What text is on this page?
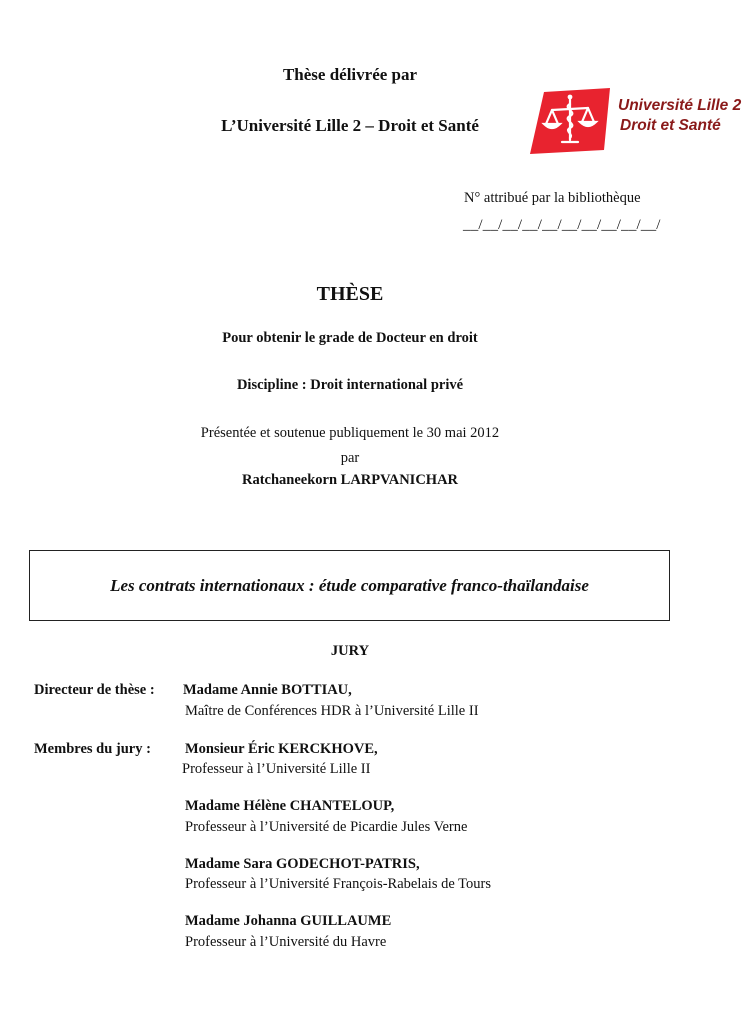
Thèse délivrée par
L’Université Lille 2 – Droit et Santé
Université Lille 2
Droit et Santé
N° attribué par la bibliothèque
__/__/__/__/__/__/__/__/__/__/
THÈSE
Pour obtenir le grade de Docteur en droit
Discipline : Droit international privé
Présentée et soutenue publiquement le 30 mai 2012
par
Ratchaneekorn LARPVANICHAR
Les contrats internationaux : étude comparative franco-thaïlandaise
JURY
Directeur de thèse : Madame Annie BOTTIAU,
Maître de Conférences HDR à l’Université Lille II
Membres du jury : Monsieur Éric KERCKHOVE,
Professeur à l’Université Lille II
Madame Hélène CHANTELOUP,
Professeur à l’Université de Picardie Jules Verne
Madame Sara GODECHOT-PATRIS,
Professeur à l’Université François-Rabelais de Tours
Madame Johanna GUILLAUME
Professeur à l’Université du Havre
